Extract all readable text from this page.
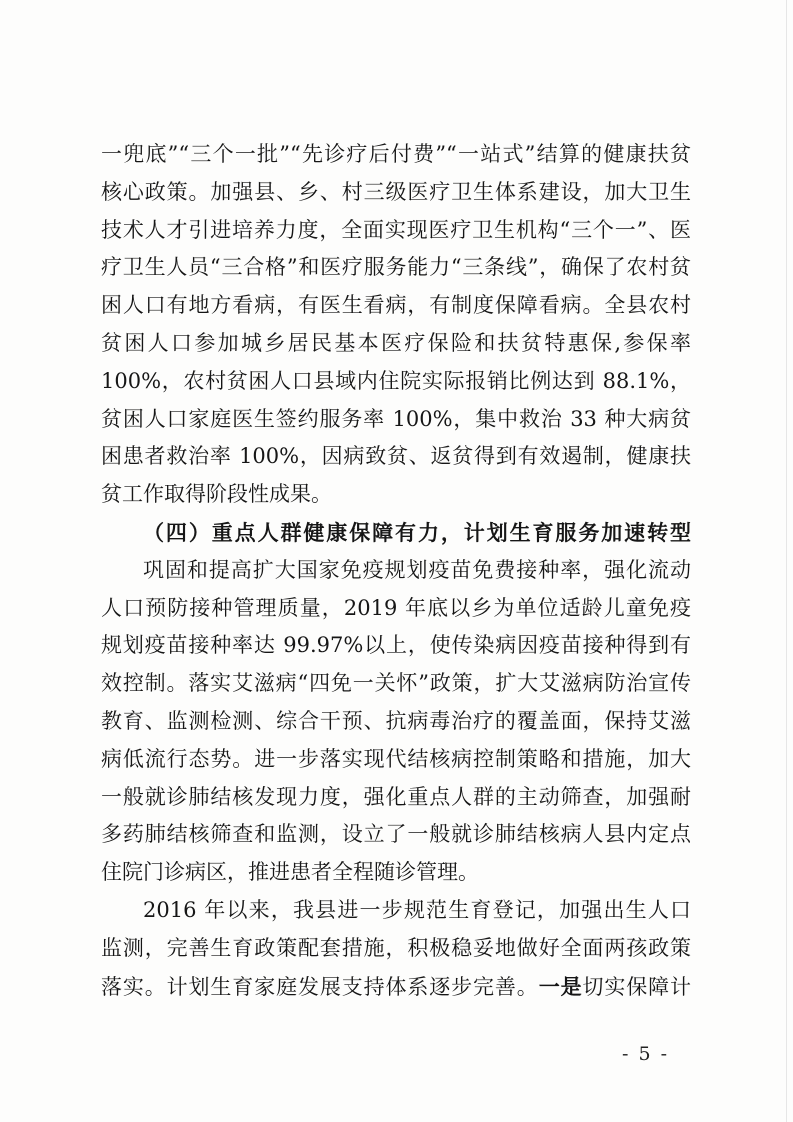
一兜底”“三个一批”“先诊疗后付费”“一站式”结算的健康扶贫
核心政策。加强县、乡、村三级医疗卫生体系建设，加大卫生
技术人才引进培养力度，全面实现医疗卫生机构“三个一”、医
疗卫生人员“三合格”和医疗服务能力“三条线”，确保了农村贫
困人口有地方看病，有医生看病，有制度保障看病。全县农村
贫困人口参加城乡居民基本医疗保险和扶贫特惠保,参保率
100%，农村贫困人口县域内住院实际报销比例达到 88.1%，
贫困人口家庭医生签约服务率 100%，集中救治 33 种大病贫
困患者救治率 100%，因病致贫、返贫得到有效遏制，健康扶
贫工作取得阶段性成果。
（四）重点人群健康保障有力，计划生育服务加速转型
巩固和提高扩大国家免疫规划疫苗免费接种率，强化流动
人口预防接种管理质量，2019 年底以乡为单位适龄儿童免疫
规划疫苗接种率达 99.97%以上，使传染病因疫苗接种得到有
效控制。落实艾滋病“四免一关怀”政策，扩大艾滋病防治宣传
教育、监测检测、综合干预、抗病毒治疗的覆盖面，保持艾滋
病低流行态势。进一步落实现代结核病控制策略和措施，加大
一般就诊肺结核发现力度，强化重点人群的主动筛查，加强耐
多药肺结核筛查和监测，设立了一般就诊肺结核病人县内定点
住院门诊病区，推进患者全程随诊管理。
2016 年以来，我县进一步规范生育登记，加强出生人口
监测，完善生育政策配套措施，积极稳妥地做好全面两孩政策
落实。计划生育家庭发展支持体系逐步完善。一是切实保障计
- 5 -
